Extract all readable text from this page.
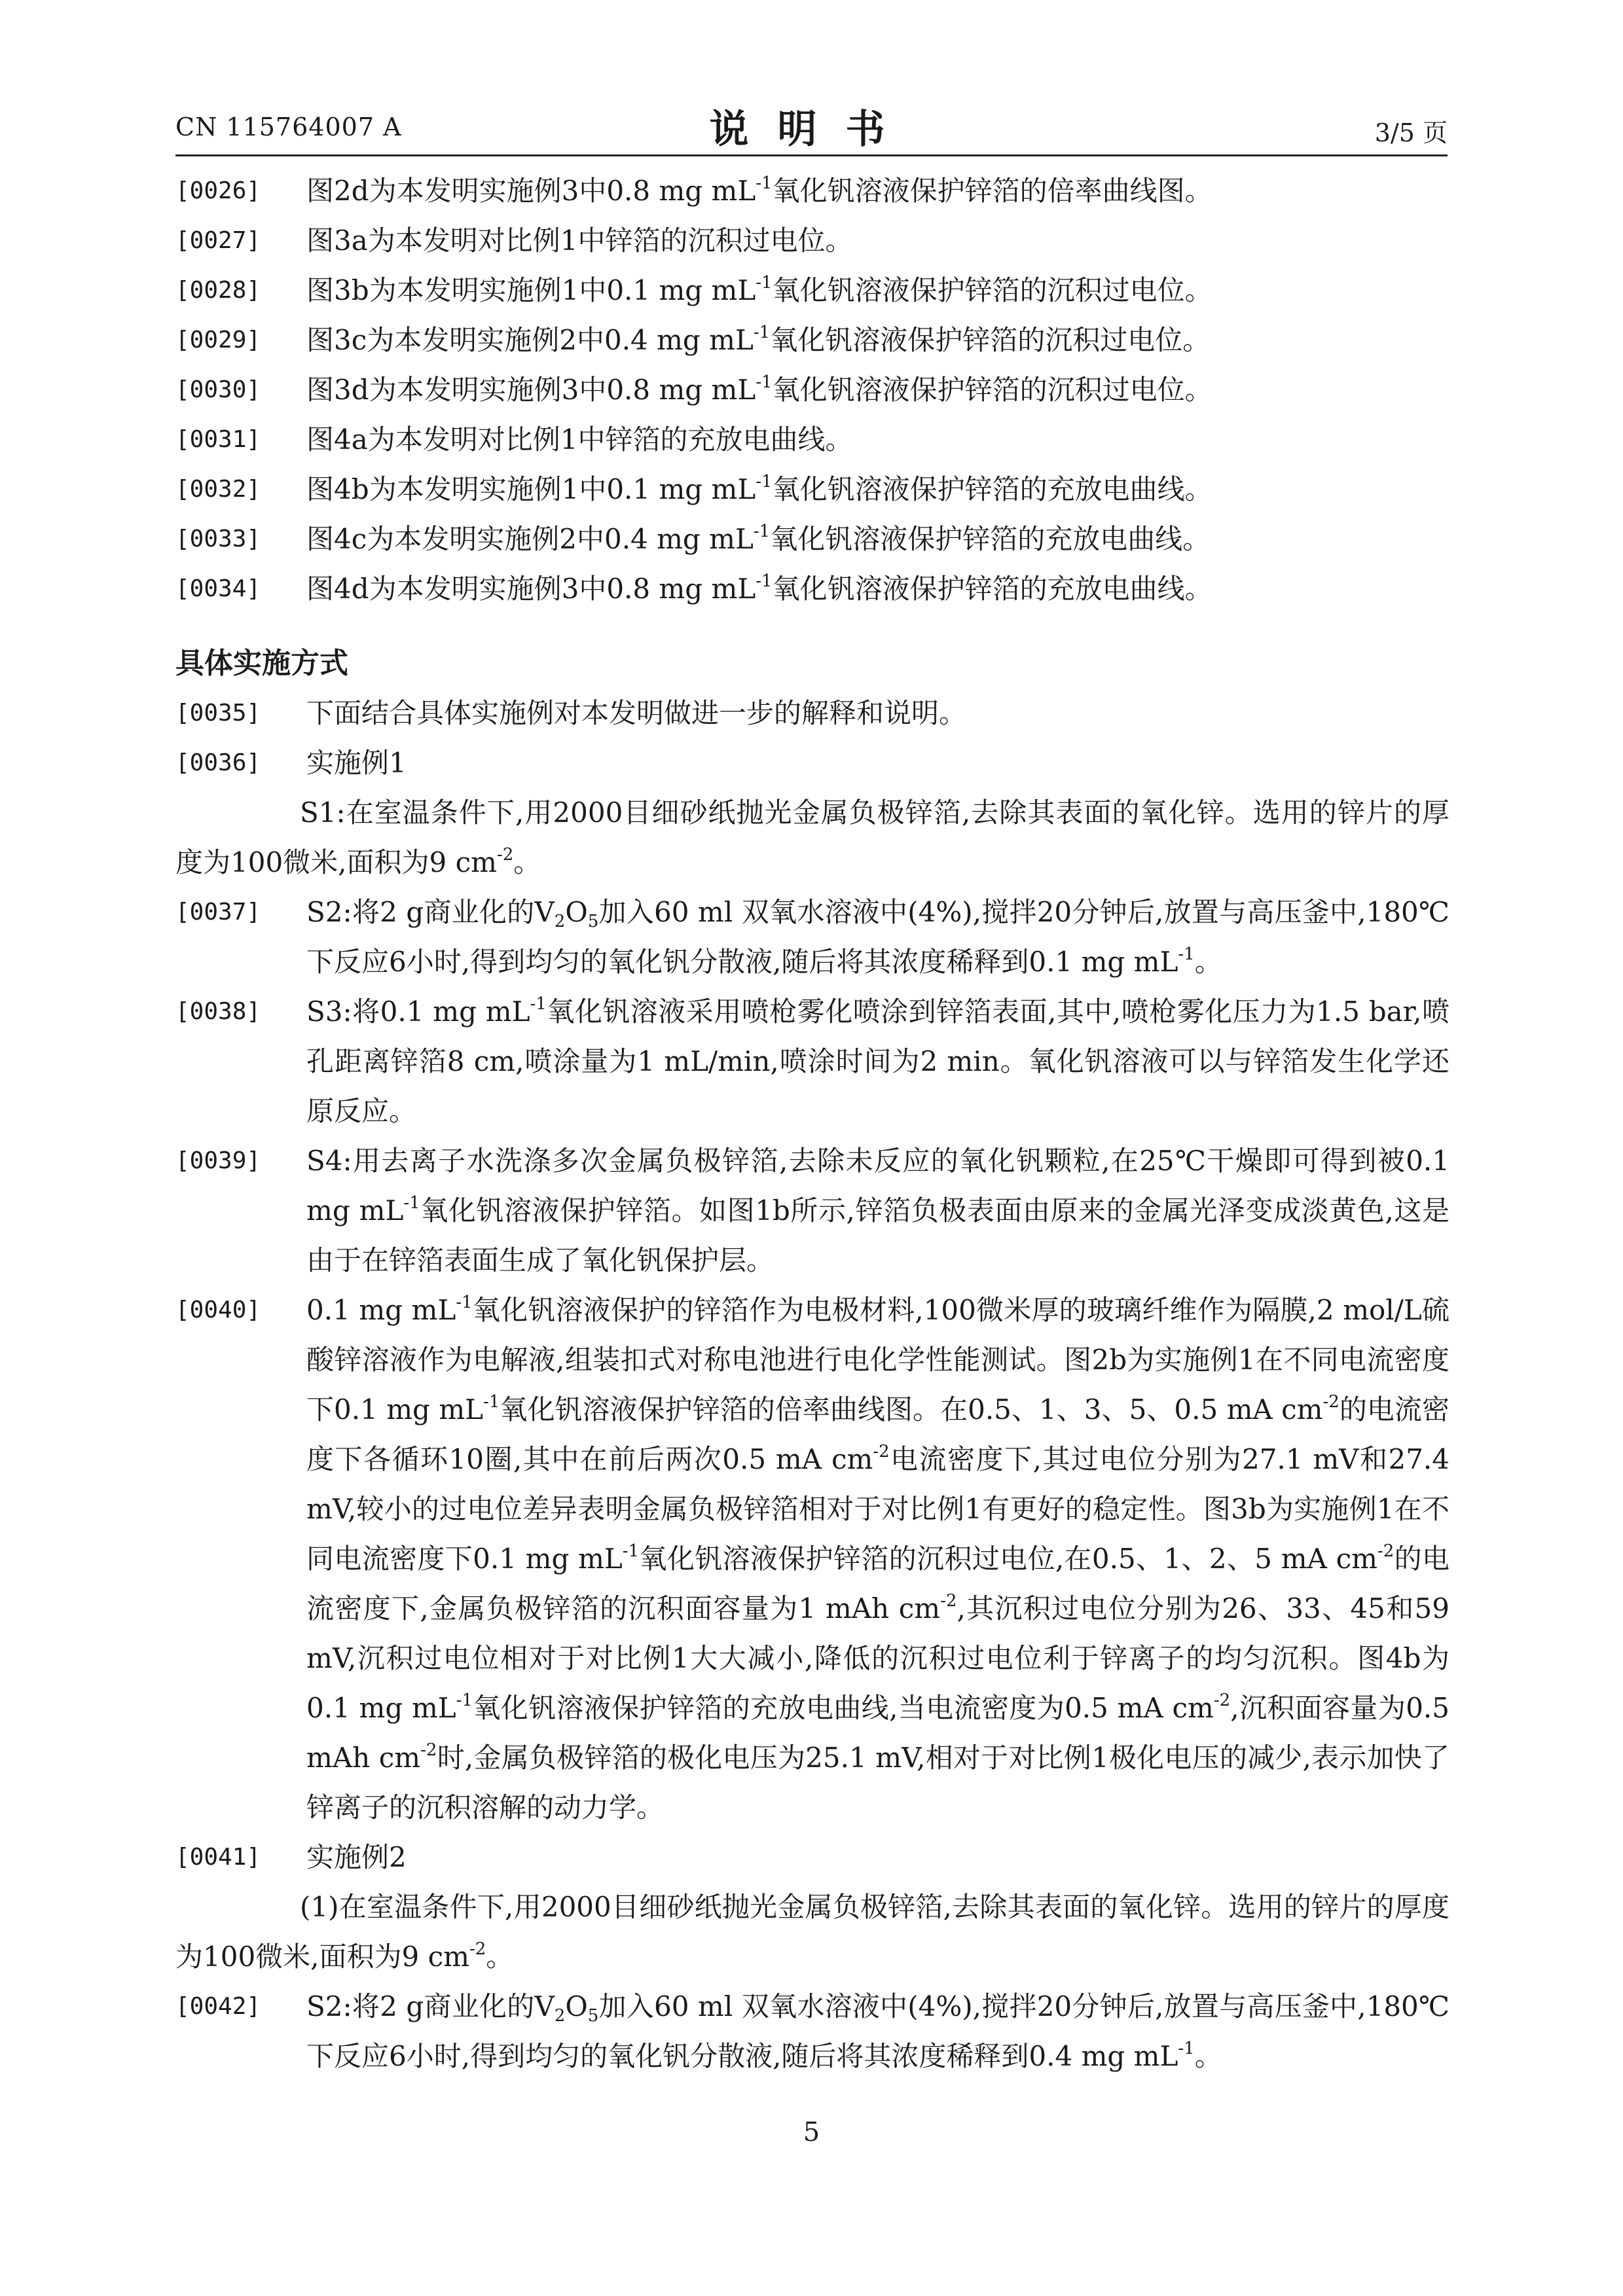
CN 115764007 A	说明书	3/5 页
[0026] 图2d为本发明实施例3中0.8 mg $mL^{-1}$氧化钒溶液保护锌箔的倍率曲线图。
[0027] 图3a为本发明对比例1中锌箔的沉积过电位。
[0028] 图3b为本发明实施例1中0.1 mg $mL^{-1}$氧化钒溶液保护锌箔的沉积过电位。
[0029] 图3c为本发明实施例2中0.4 mg $mL^{-1}$氧化钒溶液保护锌箔的沉积过电位。
[0030] 图3d为本发明实施例3中0.8 mg $mL^{-1}$氧化钒溶液保护锌箔的沉积过电位。
[0031] 图4a为本发明对比例1中锌箔的充放电曲线。
[0032] 图4b为本发明实施例1中0.1 mg $mL^{-1}$氧化钒溶液保护锌箔的充放电曲线。
[0033] 图4c为本发明实施例2中0.4 mg $mL^{-1}$氧化钒溶液保护锌箔的充放电曲线。
[0034] 图4d为本发明实施例3中0.8 mg $mL^{-1}$氧化钒溶液保护锌箔的充放电曲线。
具体实施方式
[0035] 下面结合具体实施例对本发明做进一步的解释和说明。
[0036] 实施例1
S1:在室温条件下,用2000目细砂纸抛光金属负极锌箔,去除其表面的氧化锌。选用的锌片的厚度为100微米,面积为9 $cm^{-2}$。
[0037] S2:将2 g商业化的$V_2O_5$加入60 ml 双氧水溶液中(4%),搅拌20分钟后,放置与高压釜中,180℃下反应6小时,得到均匀的氧化钒分散液,随后将其浓度稀释到0.1 mg $mL^{-1}$。
[0038] S3:将0.1 mg $mL^{-1}$氧化钒溶液采用喷枪雾化喷涂到锌箔表面,其中,喷枪雾化压力为1.5 bar,喷孔距离锌箔8 cm,喷涂量为1 mL/min,喷涂时间为2 min。氧化钒溶液可以与锌箔发生化学还原反应。
[0039] S4:用去离子水洗涤多次金属负极锌箔,去除未反应的氧化钒颗粒,在25℃干燥即可得到被0.1 mg $mL^{-1}$氧化钒溶液保护锌箔。如图1b所示,锌箔负极表面由原来的金属光泽变成淡黄色,这是由于在锌箔表面生成了氧化钒保护层。
[0040] 0.1 mg $mL^{-1}$氧化钒溶液保护的锌箔作为电极材料,100微米厚的玻璃纤维作为隔膜,2 mol/L硫酸锌溶液作为电解液,组装扣式对称电池进行电化学性能测试。图2b为实施例1在不同电流密度下0.1 mg $mL^{-1}$氧化钒溶液保护锌箔的倍率曲线图。在0.5、1、3、5、0.5 mA $cm^{-2}$的电流密度下各循环10圈,其中在前后两次0.5 mA $cm^{-2}$电流密度下,其过电位分别为27.1 mV和27.4 mV,较小的过电位差异表明金属负极锌箔相对于对比例1有更好的稳定性。图3b为实施例1在不同电流密度下0.1 mg $mL^{-1}$氧化钒溶液保护锌箔的沉积过电位,在0.5、1、2、5 mA $cm^{-2}$的电流密度下,金属负极锌箔的沉积面容量为1 mAh $cm^{-2}$,其沉积过电位分别为26、33、45和59 mV,沉积过电位相对于对比例1大大减小,降低的沉积过电位利于锌离子的均匀沉积。图4b为0.1 mg $mL^{-1}$氧化钒溶液保护锌箔的充放电曲线,当电流密度为0.5 mA $cm^{-2}$,沉积面容量为0.5 mAh $cm^{-2}$时,金属负极锌箔的极化电压为25.1 mV,相对于对比例1极化电压的减少,表示加快了锌离子的沉积溶解的动力学。
[0041] 实施例2
(1)在室温条件下,用2000目细砂纸抛光金属负极锌箔,去除其表面的氧化锌。选用的锌片的厚度为100微米,面积为9 $cm^{-2}$。
[0042] S2:将2 g商业化的$V_2O_5$加入60 ml 双氧水溶液中(4%),搅拌20分钟后,放置与高压釜中,180℃下反应6小时,得到均匀的氧化钒分散液,随后将其浓度稀释到0.4 mg $mL^{-1}$。
5
